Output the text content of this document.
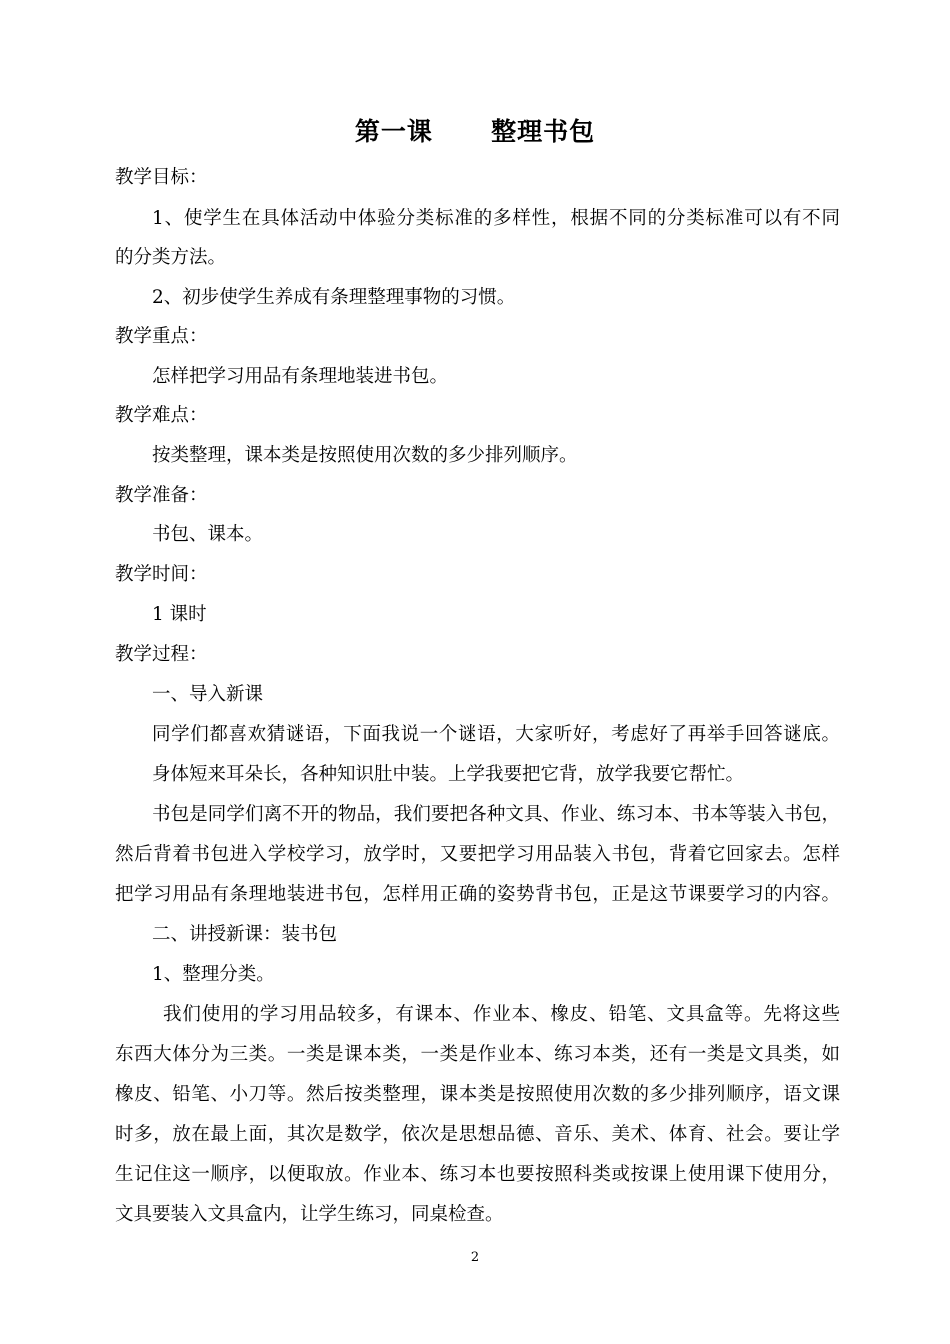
第一课      整理书包
教学目标：
1、使学生在具体活动中体验分类标准的多样性，根据不同的分类标准可以有不同
的分类方法。
2、初步使学生养成有条理整理事物的习惯。
教学重点：
怎样把学习用品有条理地装进书包。
教学难点：
按类整理，课本类是按照使用次数的多少排列顺序。
教学准备：
书包、课本。
教学时间：
1 课时
教学过程：
一、导入新课
同学们都喜欢猜谜语，下面我说一个谜语，大家听好，考虑好了再举手回答谜底。
身体短来耳朵长，各种知识肚中装。上学我要把它背，放学我要它帮忙。
书包是同学们离不开的物品，我们要把各种文具、作业、练习本、书本等装入书包，
然后背着书包进入学校学习，放学时，又要把学习用品装入书包，背着它回家去。怎样
把学习用品有条理地装进书包，怎样用正确的姿势背书包，正是这节课要学习的内容。
二、讲授新课：装书包
1、整理分类。
我们使用的学习用品较多，有课本、作业本、橡皮、铅笔、文具盒等。先将这些
东西大体分为三类。一类是课本类，一类是作业本、练习本类，还有一类是文具类，如
橡皮、铅笔、小刀等。然后按类整理，课本类是按照使用次数的多少排列顺序，语文课
时多，放在最上面，其次是数学，依次是思想品德、音乐、美术、体育、社会。要让学
生记住这一顺序，以便取放。作业本、练习本也要按照科类或按课上使用课下使用分，
文具要装入文具盒内，让学生练习，同桌检查。
2
